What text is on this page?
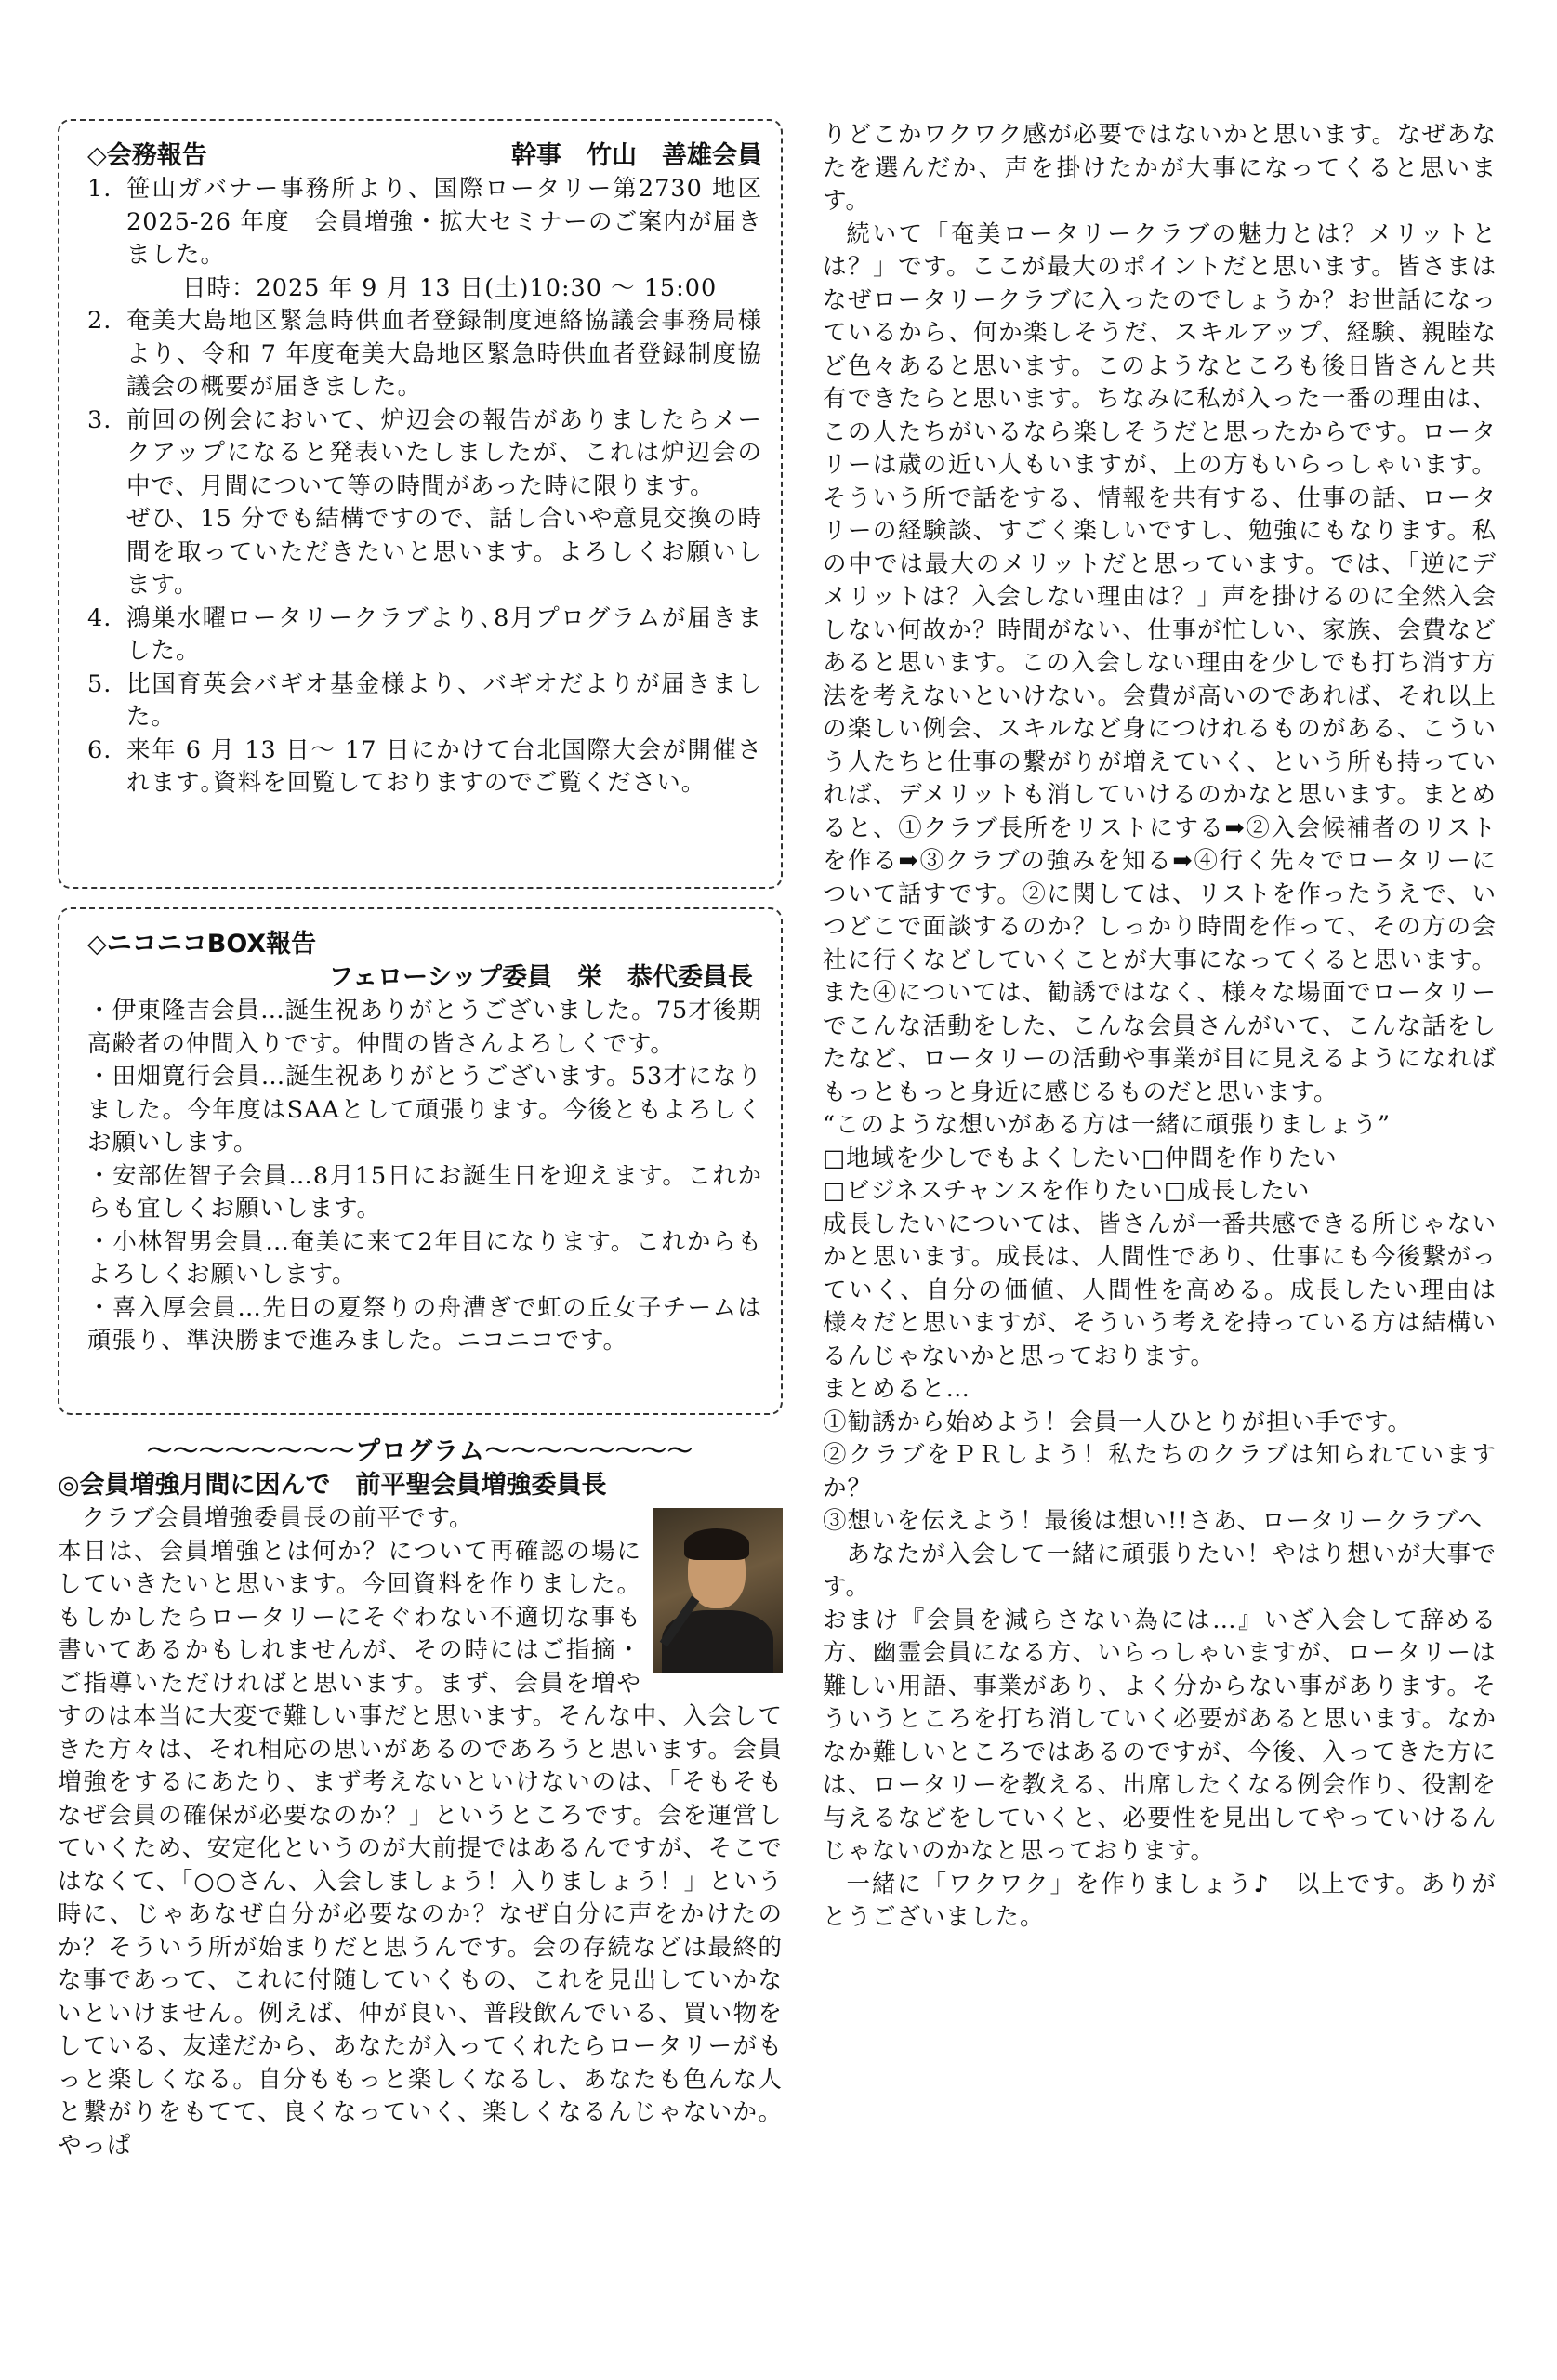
◇会務報告	幹事　竹山　善雄会員
1. 笹山ガバナー事務所より、国際ロータリー第2730 地区　2025-26 年度　会員増強・拡大セミナーのご案内が届きました。
日時：2025 年 9 月 13 日(土)10:30 〜 15:00
2. 奄美大島地区緊急時供血者登録制度連絡協議会事務局様より、令和 7 年度奄美大島地区緊急時供血者登録制度協議会の概要が届きました。
3. 前回の例会において、炉辺会の報告がありましたらメークアップになると発表いたしましたが、これは炉辺会の中で、月間について等の時間があった時に限ります。
ぜひ、15 分でも結構ですので、話し合いや意見交換の時間を取っていただきたいと思います。よろしくお願いします。
4. 鴻巣水曜ロータリークラブより､8月プログラムが届きました。
5. 比国育英会バギオ基金様より、バギオだよりが届きました。
6. 来年 6 月 13 日〜 17 日にかけて台北国際大会が開催されます｡資料を回覧しておりますのでご覧ください。
◇ニコニコBOX報告
フェローシップ委員　栄　恭代委員長

・伊東隆吉会員…誕生祝ありがとうございました。75才後期高齢者の仲間入りです。仲間の皆さんよろしくです。

・田畑寛行会員…誕生祝ありがとうございます。53才になりました。今年度はSAAとして頑張ります。今後ともよろしくお願いします。

・安部佐智子会員…8月15日にお誕生日を迎えます。これからも宜しくお願いします。

・小林智男会員…奄美に来て2年目になります。これからもよろしくお願いします。

・喜入厚会員…先日の夏祭りの舟漕ぎで虹の丘女子チームは頑張り、準決勝まで進みました。ニコニコです。

〜〜〜〜〜〜〜〜プログラム〜〜〜〜〜〜〜〜
◎会員増強月間に因んで　前平聖会員増強委員長

クラブ会員増強委員長の前平です。

本日は、会員増強とは何か？について再確認の場にしていきたいと思います。今回資料を作りました。もしかしたらロータリーにそぐわない不適切な事も書いてあるかもしれませんが、その時にはご指摘・ご指導いただければと思います。まず、会員を増やすのは本当に大変で難しい事だと思います。そんな中、入会してきた方々は、それ相応の思いがあるのであろうと思います。会員増強をするにあたり、まず考えないといけないのは、「そもそもなぜ会員の確保が必要なのか？」というところです。会を運営していくため、安定化というのが大前提ではあるんですが、そこではなくて、「○○さん、入会しましょう！入りましょう！」という時に、じゃあなぜ自分が必要なのか？なぜ自分に声をかけたのか？そういう所が始まりだと思うんです。会の存続などは最終的な事であって、これに付随していくもの、これを見出していかないといけません。例えば、仲が良い、普段飲んでいる、買い物をしている、友達だから、あなたが入ってくれたらロータリーがもっと楽しくなる。自分ももっと楽しくなるし、あなたも色んな人と繋がりをもてて、良くなっていく、楽しくなるんじゃないか。やっぱ

りどこかワクワク感が必要ではないかと思います。なぜあなたを選んだか、声を掛けたかが大事になってくると思います。

続いて「奄美ロータリークラブの魅力とは？メリットとは？」です。ここが最大のポイントだと思います。皆さまはなぜロータリークラブに入ったのでしょうか？お世話になっているから、何か楽しそうだ、スキルアップ、経験、親睦など色々あると思います。このようなところも後日皆さんと共有できたらと思います。ちなみに私が入った一番の理由は、この人たちがいるなら楽しそうだと思ったからです。ロータリーは歳の近い人もいますが、上の方もいらっしゃいます。そういう所で話をする、情報を共有する、仕事の話、ロータリーの経験談、すごく楽しいですし、勉強にもなります。私の中では最大のメリットだと思っています。では、「逆にデメリットは？入会しない理由は？」声を掛けるのに全然入会しない何故か？時間がない、仕事が忙しい、家族、会費などあると思います。この入会しない理由を少しでも打ち消す方法を考えないといけない。会費が高いのであれば、それ以上の楽しい例会、スキルなど身につけれるものがある、こういう人たちと仕事の繋がりが増えていく、という所も持っていれば、デメリットも消していけるのかなと思います。まとめると、①クラブ長所をリストにする➡②入会候補者のリストを作る➡③クラブの強みを知る➡④行く先々でロータリーについて話すです。②に関しては、リストを作ったうえで、いつどこで面談するのか？しっかり時間を作って、その方の会社に行くなどしていくことが大事になってくると思います。また④については、勧誘ではなく、様々な場面でロータリーでこんな活動をした、こんな会員さんがいて、こんな話をしたなど、ロータリーの活動や事業が目に見えるようになればもっともっと身近に感じるものだと思います。

“このような想いがある方は一緒に頑張りましょう”

□地域を少しでもよくしたい□仲間を作りたい

□ビジネスチャンスを作りたい□成長したい

成長したいについては、皆さんが一番共感できる所じゃないかと思います。成長は、人間性であり、仕事にも今後繋がっていく、自分の価値、人間性を高める。成長したい理由は様々だと思いますが、そういう考えを持っている方は結構いるんじゃないかと思っております。

まとめると…

①勧誘から始めよう！会員一人ひとりが担い手です。

②クラブをＰＲしよう！私たちのクラブは知られていますか？

③想いを伝えよう！最後は想い!!さあ、ロータリークラブへ

あなたが入会して一緒に頑張りたい！やはり想いが大事です。

おまけ『会員を減らさない為には…』いざ入会して辞める方、幽霊会員になる方、いらっしゃいますが、ロータリーは難しい用語、事業があり、よく分からない事があります。そういうところを打ち消していく必要があると思います。なかなか難しいところではあるのですが、今後、入ってきた方には、ロータリーを教える、出席したくなる例会作り、役割を与えるなどをしていくと、必要性を見出してやっていけるんじゃないのかなと思っております。

一緒に「ワクワク」を作りましょう♪　以上です。ありがとうございました。
